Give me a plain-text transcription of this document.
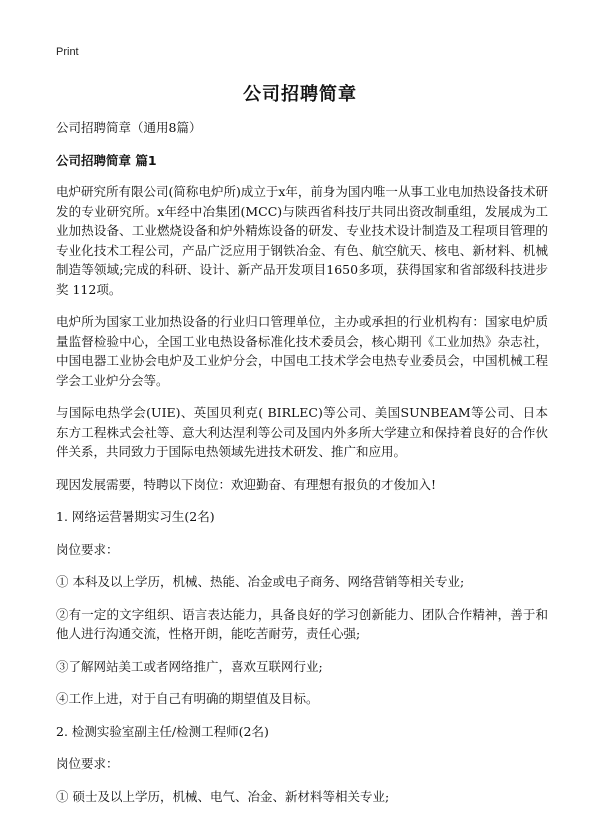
Print
公司招聘简章

公司招聘简章（通用8篇）

公司招聘简章 篇1

电炉研究所有限公司(简称电炉所)成立于x年，前身为国内唯一从事工业电加热设备技术研发的专业研究所。x年经中冶集团(MCC)与陕西省科技厅共同出资改制重组，发展成为工业加热设备、工业燃烧设备和炉外精炼设备的研发、专业技术设计制造及工程项目管理的专业化技术工程公司，产品广泛应用于钢铁冶金、有色、航空航天、核电、新材料、机械制造等领域;完成的科研、设计、新产品开发项目1650多项，获得国家和省部级科技进步奖 112项。

电炉所为国家工业加热设备的行业归口管理单位，主办或承担的行业机构有：国家电炉质量监督检验中心，全国工业电热设备标准化技术委员会，核心期刊《工业加热》杂志社，中国电器工业协会电炉及工业炉分会，中国电工技术学会电热专业委员会，中国机械工程学会工业炉分会等。

与国际电热学会(UIE)、英国贝利克( BIRLEC)等公司、美国SUNBEAM等公司、日本东方工程株式会社等、意大利达涅利等公司及国内外多所大学建立和保持着良好的合作伙伴关系，共同致力于国际电热领域先进技术研发、推广和应用。

现因发展需要，特聘以下岗位：欢迎勤奋、有理想有报负的才俊加入!

1. 网络运营暑期实习生(2名)

岗位要求：

① 本科及以上学历，机械、热能、冶金或电子商务、网络营销等相关专业;

②有一定的文字组织、语言表达能力，具备良好的学习创新能力、团队合作精神，善于和他人进行沟通交流，性格开朗，能吃苦耐劳，责任心强;

③了解网站美工或者网络推广，喜欢互联网行业;

④工作上进，对于自己有明确的期望值及目标。

2. 检测实验室副主任/检测工程师(2名)

岗位要求：

① 硕士及以上学历，机械、电气、冶金、新材料等相关专业;
